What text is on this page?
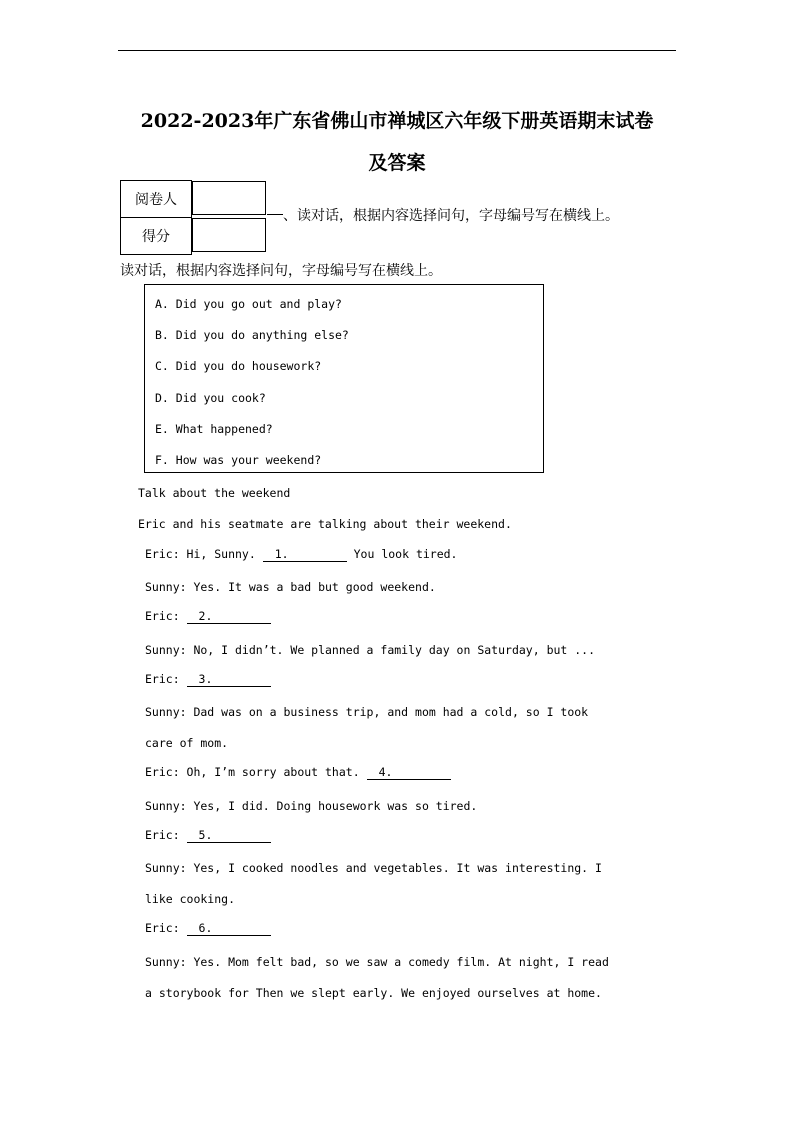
2022-2023年广东省佛山市禅城区六年级下册英语期末试卷
及答案
阅卷人	
得分	
、读对话，根据内容选择问句，字母编号写在横线上。
读对话，根据内容选择问句，字母编号写在横线上。
A. Did you go out and play?
B. Did you do anything else?
C. Did you do housework?
D. Did you cook?
E. What happened?
F. How was your weekend?
Talk about the weekend
Eric and his seatmate are talking about their weekend.
Eric: Hi, Sunny. 1.	You look tired.
Sunny: Yes. It was a bad but good weekend.
Eric: 2.
Sunny: No, I didn’t. We planned a family day on Saturday, but ...
Eric: 3.
Sunny: Dad was on a business trip, and mom had a cold, so I took
care of mom.
Eric: Oh, I’m sorry about that. 4.
Sunny: Yes, I did. Doing housework was so tired.
Eric: 5.
Sunny: Yes, I cooked noodles and vegetables. It was interesting. I
like cooking.
Eric: 6.
Sunny: Yes. Mom felt bad, so we saw a comedy film. At night, I read
a storybook for Then we slept early. We enjoyed ourselves at home.
